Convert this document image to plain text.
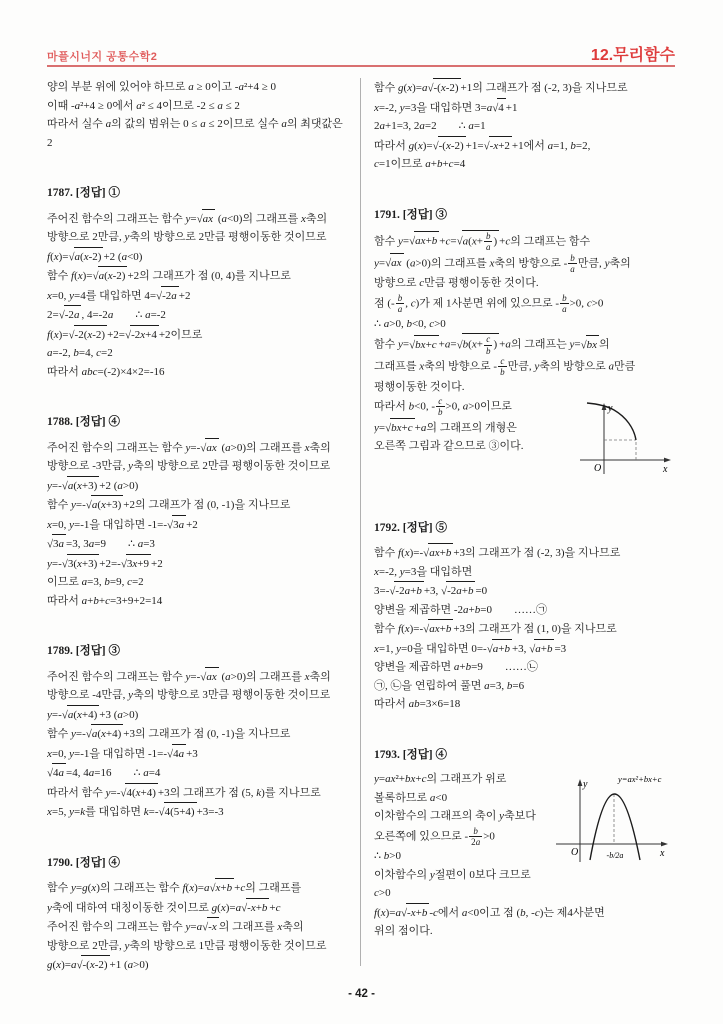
마플시너지 공통수학2	12.무리함수
양의 부분 위에 있어야 하므로 a ≥ 0이고 -a²+4 ≥ 0
이때 -a²+4 ≥ 0에서 a² ≤ 4이므로 -2 ≤ a ≤ 2
따라서 실수 a의 값의 범위는 0 ≤ a ≤ 2이므로 실수 a의 최댓값은
2
1787. [정답] ①
주어진 함수의 그래프는 함수 y=√ax (a<0)의 그래프를 x축의
방향으로 2만큼, y축의 방향으로 2만큼 평행이동한 것이므로
f(x)=√a(x-2) +2 (a<0)
함수 f(x)=√a(x-2) +2의 그래프가 점 (0, 4)를 지나므로
x=0, y=4를 대입하면 4=√-2a +2
2=√-2a , 4=-2a  ∴ a=-2
f(x)=√-2(x-2) +2=√-2x+4 +2이므로
a=-2, b=4, c=2
따라서 abc=(-2)×4×2=-16
1788. [정답] ④
주어진 함수의 그래프는 함수 y=-√ax (a>0)의 그래프를 x축의
방향으로 -3만큼, y축의 방향으로 2만큼 평행이동한 것이므로
y=-√a(x+3) +2 (a>0)
함수 y=-√a(x+3) +2의 그래프가 점 (0, -1)을 지나므로
x=0, y=-1을 대입하면 -1=-√3a +2
√3a =3, 3a=9  ∴ a=3
y=-√3(x+3) +2=-√3x+9 +2
이므로 a=3, b=9, c=2
따라서 a+b+c=3+9+2=14
1789. [정답] ③
주어진 함수의 그래프는 함수 y=-√ax (a>0)의 그래프를 x축의
방향으로 -4만큼, y축의 방향으로 3만큼 평행이동한 것이므로
y=-√a(x+4) +3 (a>0)
함수 y=-√a(x+4) +3의 그래프가 점 (0, -1)을 지나므로
x=0, y=-1을 대입하면 -1=-√4a +3
√4a =4, 4a=16  ∴ a=4
따라서 함수 y=-√4(x+4) +3의 그래프가 점 (5, k)를 지나므로
x=5, y=k를 대입하면 k=-√4(5+4) +3=-3
1790. [정답] ④
함수 y=g(x)의 그래프는 함수 f(x)=a√x+b +c의 그래프를
y축에 대하여 대칭이동한 것이므로 g(x)=a√-x+b +c
주어진 함수의 그래프는 함수 y=a√-x 의 그래프를 x축의
방향으로 2만큼, y축의 방향으로 1만큼 평행이동한 것이므로
g(x)=a√-(x-2) +1 (a>0)
함수 g(x)=a√-(x-2) +1의 그래프가 점 (-2, 3)을 지나므로
x=-2, y=3을 대입하면 3=a√4 +1
2a+1=3, 2a=2  ∴ a=1
따라서 g(x)=√-(x-2) +1=√-x+2 +1에서 a=1, b=2,
c=1이므로 a+b+c=4
1791. [정답] ③
함수 $y=√ax+b +c=√a(x+ \frac{b}{a}$ ) +c의 그래프는 함수
y=√ax (a>0)의 그래프를 x축의 방향으로 - $\frac{b}{a}$ 만큼, y축의
방향으로 c만큼 평행이동한 것이다.
점 (- $\frac{b}{a}$ , c)가 제 1사분면 위에 있으므로 - $\frac{b}{a} >0$, c>0
∴ a>0, b<0, c>0
함수 $y=√bx+c +a=√b(x+ \frac{c}{b}$ ) +a의 그래프는 y=√bx 의
그래프를 x축의 방향으로 - $\frac{c}{b}$ 만큼, y축의 방향으로 a만큼
평행이동한 것이다.
y
x
O
따라서 b<0, - $\frac{c}{b} >0$, a>0이므로
y=√bx+c +a의 그래프의 개형은
오른쪽 그림과 같으므로 ③이다.
1792. [정답] ⑤
함수 f(x)=-√ax+b +3의 그래프가 점 (-2, 3)을 지나므로
x=-2, y=3을 대입하면
3=-√-2a+b +3, √-2a+b =0
양변을 제곱하면 -2a+b=0  ……㉠
함수 f(x)=-√ax+b +3의 그래프가 점 (1, 0)을 지나므로
x=1, y=0을 대입하면 0=-√a+b +3, √a+b =3
양변을 제곱하면 a+b=9  ……㉡
㉠, ㉡을 연립하여 풀면 a=3, b=6
따라서 ab=3×6=18
1793. [정답] ④
y
x
O	-b/2a
y=ax²+bx+c
y=ax²+bx+c의 그래프가 위로
볼록하므로 a<0
이차함수의 그래프의 축이 y축보다
오른쪽에 있으므로 - $\frac{b}{2a} >0$
∴ b>0
이차함수의 y절편이 0보다 크므로
c>0
f(x)=a√-x+b -c에서 a<0이고 점 (b, -c)는 제4사분면
위의 점이다.
- 42 -
